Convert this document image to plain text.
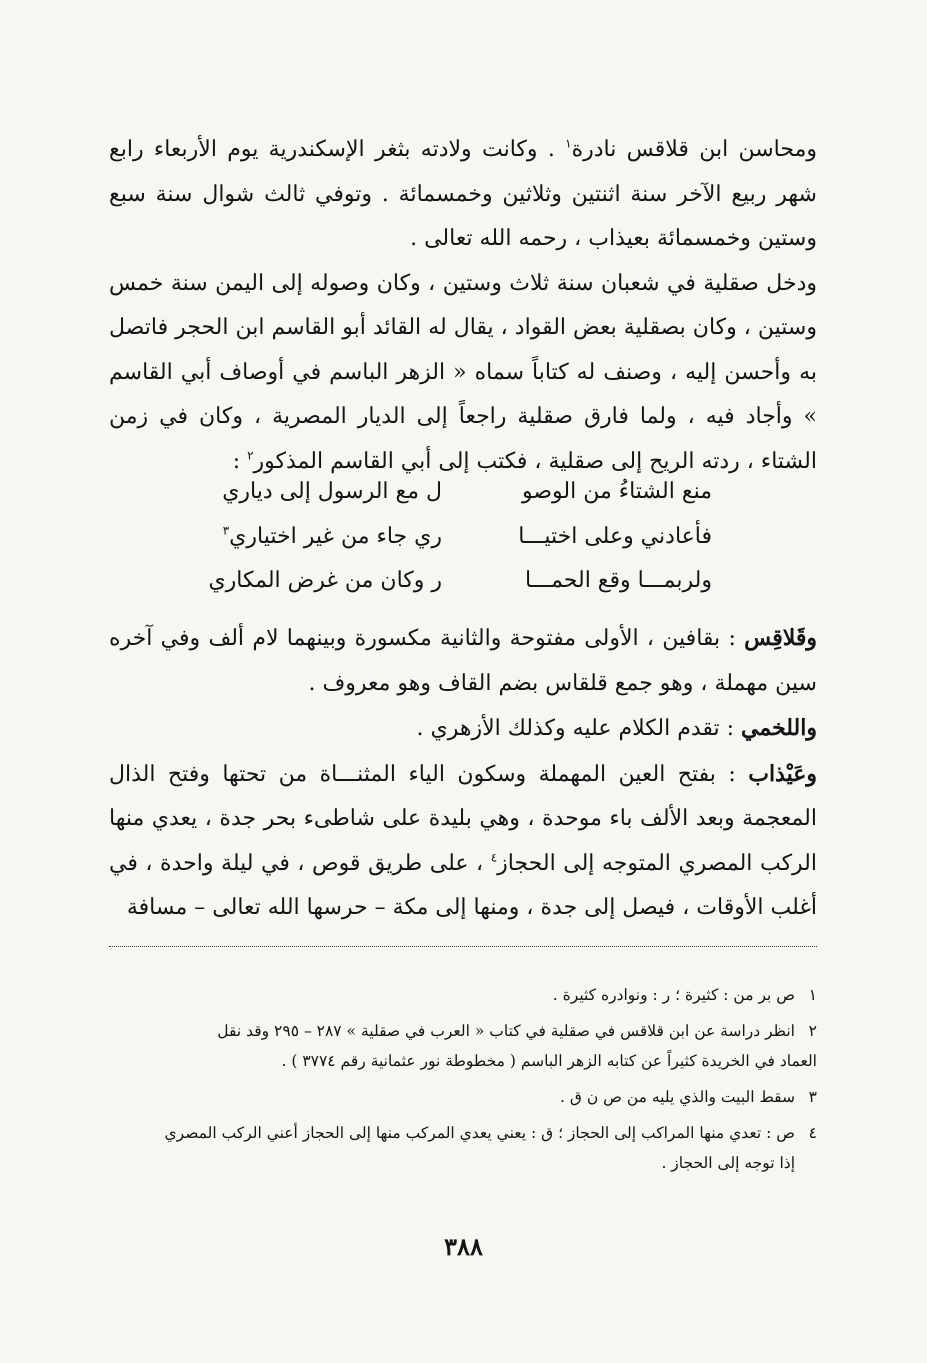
ومحاسن ابن قلاقس نادرة$^١$ . وكانت ولادته بثغر الإسكندرية يوم الأربعاء رابع شهر ربيع الآخر سنة اثنتين وثلاثين وخمسمائة . وتوفي ثالث شوال سنة سبع وستين وخمسمائة بعيذاب ، رحمه الله تعالى .

ودخل صقلية في شعبان سنة ثلاث وستين ، وكان وصوله إلى اليمن سنة خمس وستين ، وكان بصقلية بعض القواد ، يقال له القائد أبو القاسم ابن الحجر فاتصل به وأحسن إليه ، وصنف له كتاباً سماه « الزهر الباسم في أوصاف أبي القاسم » وأجاد فيه ، ولما فارق صقلية راجعاً إلى الديار المصرية ، وكان في زمن الشتاء ، ردته الريح إلى صقلية ، فكتب إلى أبي القاسم المذكور$^٢$ :

منع الشتاءُ من الوصو
ل مع الرسول إلى دياري
فأعادني وعلى اختيـــا
ري جاء من غير اختياري$^٣$
ولربمـــا وقع الحمـــا
ر وكان من غرض المكاري

وقَلاقِس : بقافين ، الأولى مفتوحة والثانية مكسورة وبينهما لام ألف وفي آخره سين مهملة ، وهو جمع قلقاس بضم القاف وهو معروف .

واللخمي : تقدم الكلام عليه وكذلك الأزهري .

وعَيْذاب : بفتح العين المهملة وسكون الياء المثنـــاة من تحتها وفتح الذال المعجمة وبعد الألف باء موحدة ، وهي بليدة على شاطىء بحر جدة ، يعدي منها الركب المصري المتوجه إلى الحجاز$^٤$ ، على طريق قوص ، في ليلة واحدة ، في أغلب الأوقات ، فيصل إلى جدة ، ومنها إلى مكة – حرسها الله تعالى – مسافة

١ص بر من : كثيرة ؛ ر : ونوادره كثيرة .

٢انظر دراسة عن ابن قلاقس في صقلية في كتاب « العرب في صقلية » ٢٨٧ – ٢٩٥ وقد نقل
العماد في الخريدة كثيراً عن كتابه الزهر الباسم ( مخطوطة نور عثمانية رقم ٣٧٧٤ ) .

٣سقط البيت والذي يليه من ص ن ق .

٤ص : تعدي منها المراكب إلى الحجاز ؛ ق : يعني يعدي المركب منها إلى الحجاز أعني الركب المصري
إذا توجه إلى الحجاز .

٣٨٨
